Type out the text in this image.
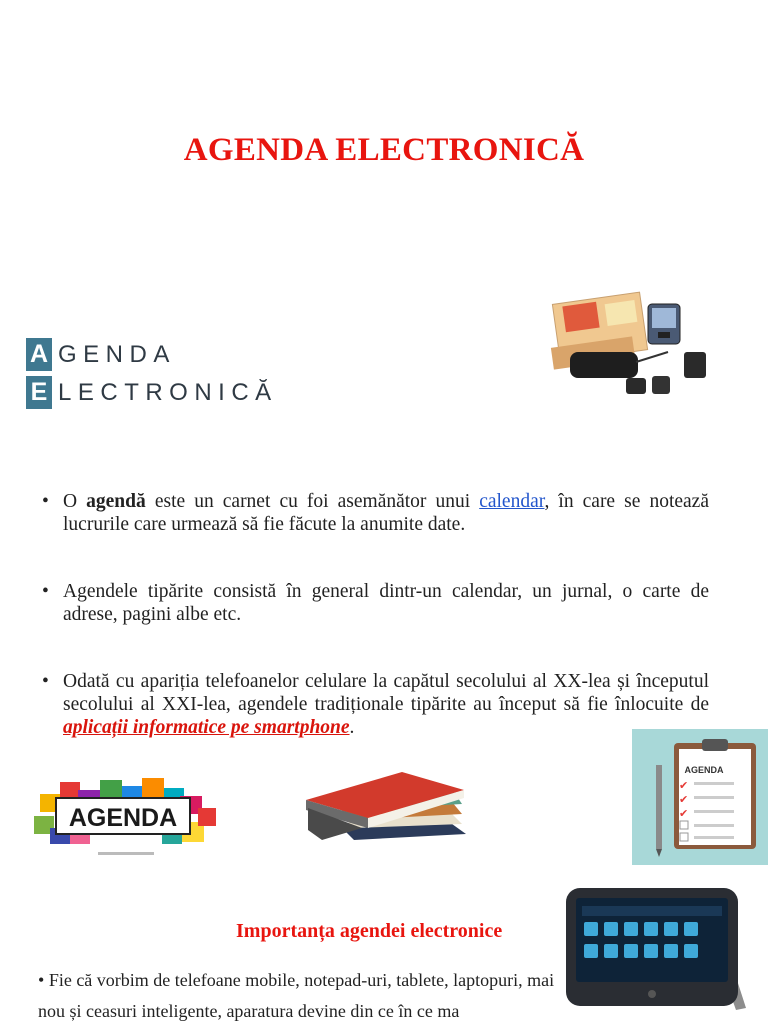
AGENDA ELECTRONICĂ
A GENDA
E LECTRONICĂ
• O agendă este un carnet cu foi asemănător unui calendar, în care se notează lucrurile care urmează să fie făcute la anumite date.
• Agendele tipărite consistă în general dintr-un calendar, un jurnal, o carte de adrese, pagini albe etc.
• Odată cu apariția telefoanelor celulare la capătul secolului al XX-lea și începutul secolului al XXI-lea, agendele tradiționale tipărite au început să fie înlocuite de aplicații informatice pe smartphone.
AGENDA
AGENDA
✔
✔
✔
Importanța agendei electronice
• Fie că vorbim de telefoane mobile, notepad-uri, tablete, laptopuri, mai nou și ceasuri inteligente, aparatura devine din ce în ce ma
